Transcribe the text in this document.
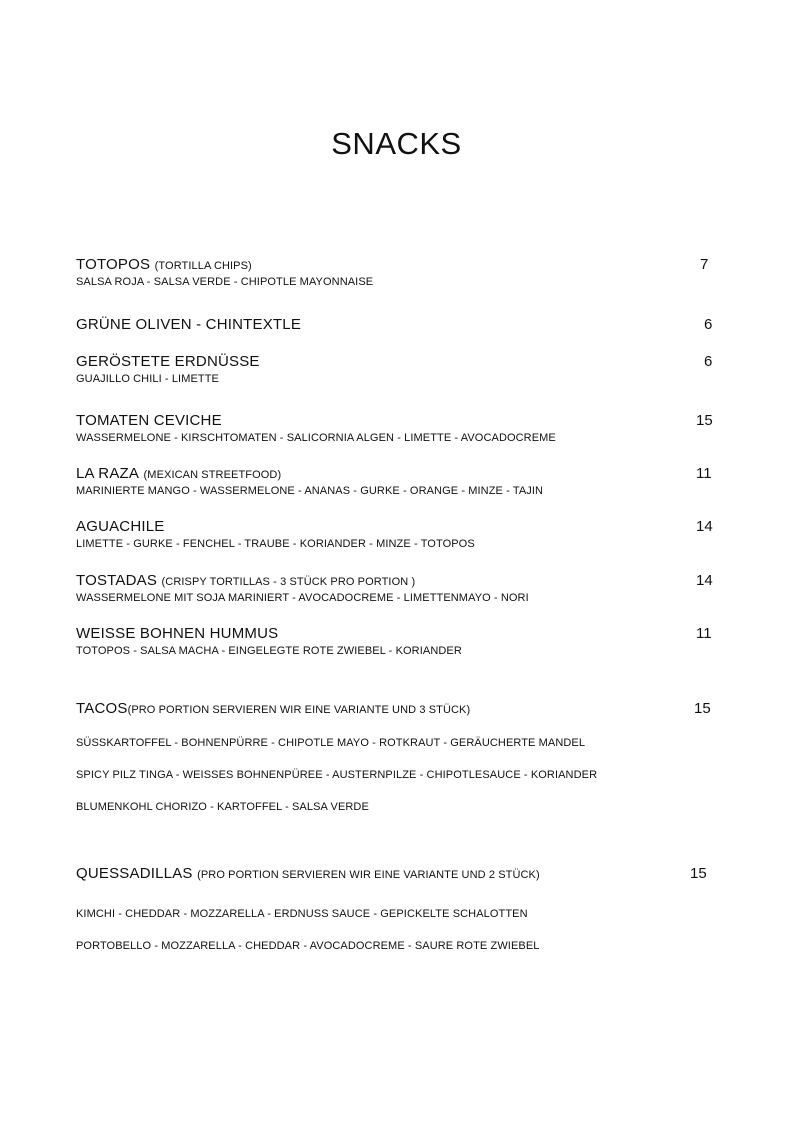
SNACKS
TOTOPOS (TORTILLA CHIPS)	7
SALSA ROJA - SALSA VERDE - CHIPOTLE MAYONNAISE
GRÜNE OLIVEN - CHINTEXTLE	6
GERÖSTETE ERDNÜSSE	6
GUAJILLO CHILI - LIMETTE
TOMATEN CEVICHE	15
WASSERMELONE - KIRSCHTOMATEN - SALICORNIA ALGEN - LIMETTE - AVOCADOCREME
LA RAZA (MEXICAN STREETFOOD)	11
MARINIERTE MANGO - WASSERMELONE - ANANAS - GURKE - ORANGE - MINZE - TAJIN
AGUACHILE	14
LIMETTE - GURKE - FENCHEL - TRAUBE - KORIANDER - MINZE - TOTOPOS
TOSTADAS (CRISPY TORTILLAS - 3 STÜCK PRO PORTION )	14
WASSERMELONE MIT SOJA MARINIERT - AVOCADOCREME - LIMETTENMAYO - NORI
WEISSE BOHNEN HUMMUS	11
TOTOPOS - SALSA MACHA - EINGELEGTE ROTE ZWIEBEL - KORIANDER
TACOS(PRO PORTION SERVIEREN WIR EINE VARIANTE UND 3 STÜCK)	15
SÜSSKARTOFFEL - BOHNENPÜRRE - CHIPOTLE MAYO - ROTKRAUT - GERÄUCHERTE MANDEL
SPICY PILZ TINGA - WEISSES BOHNENPÜREE - AUSTERNPILZE - CHIPOTLESAUCE - KORIANDER
BLUMENKOHL CHORIZO - KARTOFFEL - SALSA VERDE
QUESSADILLAS (PRO PORTION SERVIEREN WIR EINE VARIANTE UND 2 STÜCK)	15
KIMCHI - CHEDDAR - MOZZARELLA - ERDNUSS SAUCE - GEPICKELTE SCHALOTTEN
PORTOBELLO - MOZZARELLA - CHEDDAR - AVOCADOCREME - SAURE ROTE ZWIEBEL
